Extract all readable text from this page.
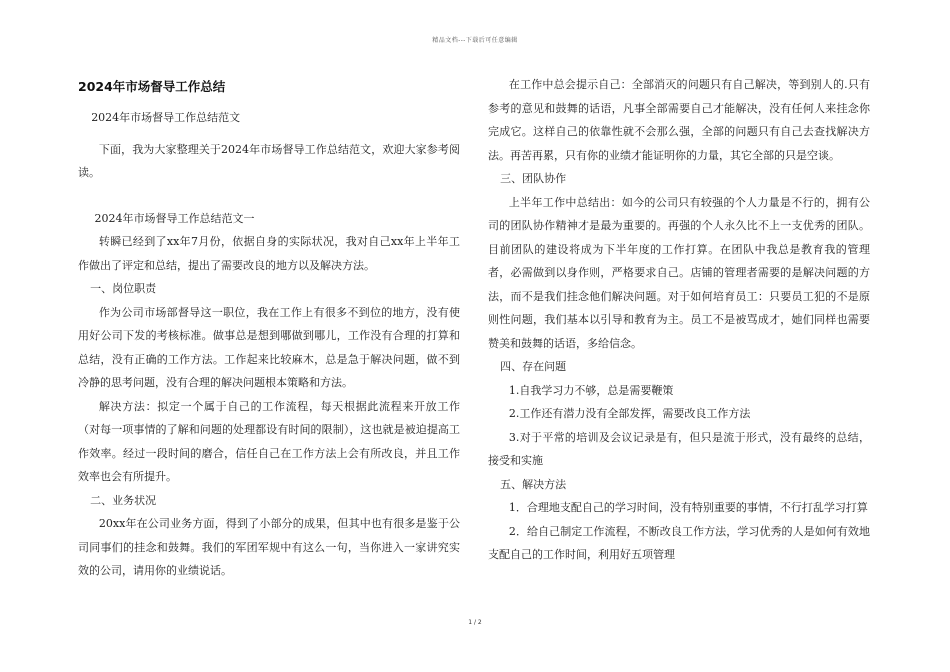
精品文档---下载后可任意编辑
2024年市场督导工作总结

2024年市场督导工作总结范文

下面，我为大家整理关于2024年市场督导工作总结范文，欢迎大家参考阅读。

2024年市场督导工作总结范文一

转瞬已经到了xx年7月份，依据自身的实际状况，我对自己xx年上半年工作做出了评定和总结，提出了需要改良的地方以及解决方法。

一、岗位职责

作为公司市场部督导这一职位，我在工作上有很多不到位的地方，没有使用好公司下发的考核标准。做事总是想到哪做到哪儿，工作没有合理的打算和总结，没有正确的工作方法。工作起来比较麻木，总是急于解决问题，做不到冷静的思考问题，没有合理的解决问题根本策略和方法。

解决方法：拟定一个属于自己的工作流程，每天根据此流程来开放工作（对每一项事情的了解和问题的处理都设有时间的限制），这也就是被迫提高工作效率。经过一段时间的磨合，信任自己在工作方法上会有所改良，并且工作效率也会有所提升。

二、业务状况

20xx年在公司业务方面，得到了小部分的成果，但其中也有很多是鉴于公司同事们的挂念和鼓舞。我们的军团军规中有这么一句，当你进入一家讲究实效的公司，请用你的业绩说话。

在工作中总会提示自己：全部消灭的问题只有自己解决，等到别人的.只有参考的意见和鼓舞的话语，凡事全部需要自己才能解决，没有任何人来挂念你完成它。这样自己的依靠性就不会那么强，全部的问题只有自己去查找解决方法。再苦再累，只有你的业绩才能证明你的力量，其它全部的只是空谈。

三、团队协作

上半年工作中总结出：如今的公司只有较强的个人力量是不行的，拥有公司的团队协作精神才是最为重要的。再强的个人永久比不上一支优秀的团队。目前团队的建设将成为下半年度的工作打算。在团队中我总是教育我的管理者，必需做到以身作则，严格要求自己。店铺的管理者需要的是解决问题的方法，而不是我们挂念他们解决问题。对于如何培育员工：只要员工犯的不是原则性问题，我们基本以引导和教育为主。员工不是被骂成才，她们同样也需要赞美和鼓舞的话语，多给信念。

四、存在问题

1.自我学习力不够，总是需要鞭策

2.工作还有潜力没有全部发挥，需要改良工作方法

3.对于平常的培训及会议记录是有，但只是流于形式，没有最终的总结，接受和实施

五、解决方法

1．合理地支配自己的学习时间，没有特别重要的事情，不行打乱学习打算

2．给自己制定工作流程，不断改良工作方法，学习优秀的人是如何有效地支配自己的工作时间，利用好五项管理

1 / 2
